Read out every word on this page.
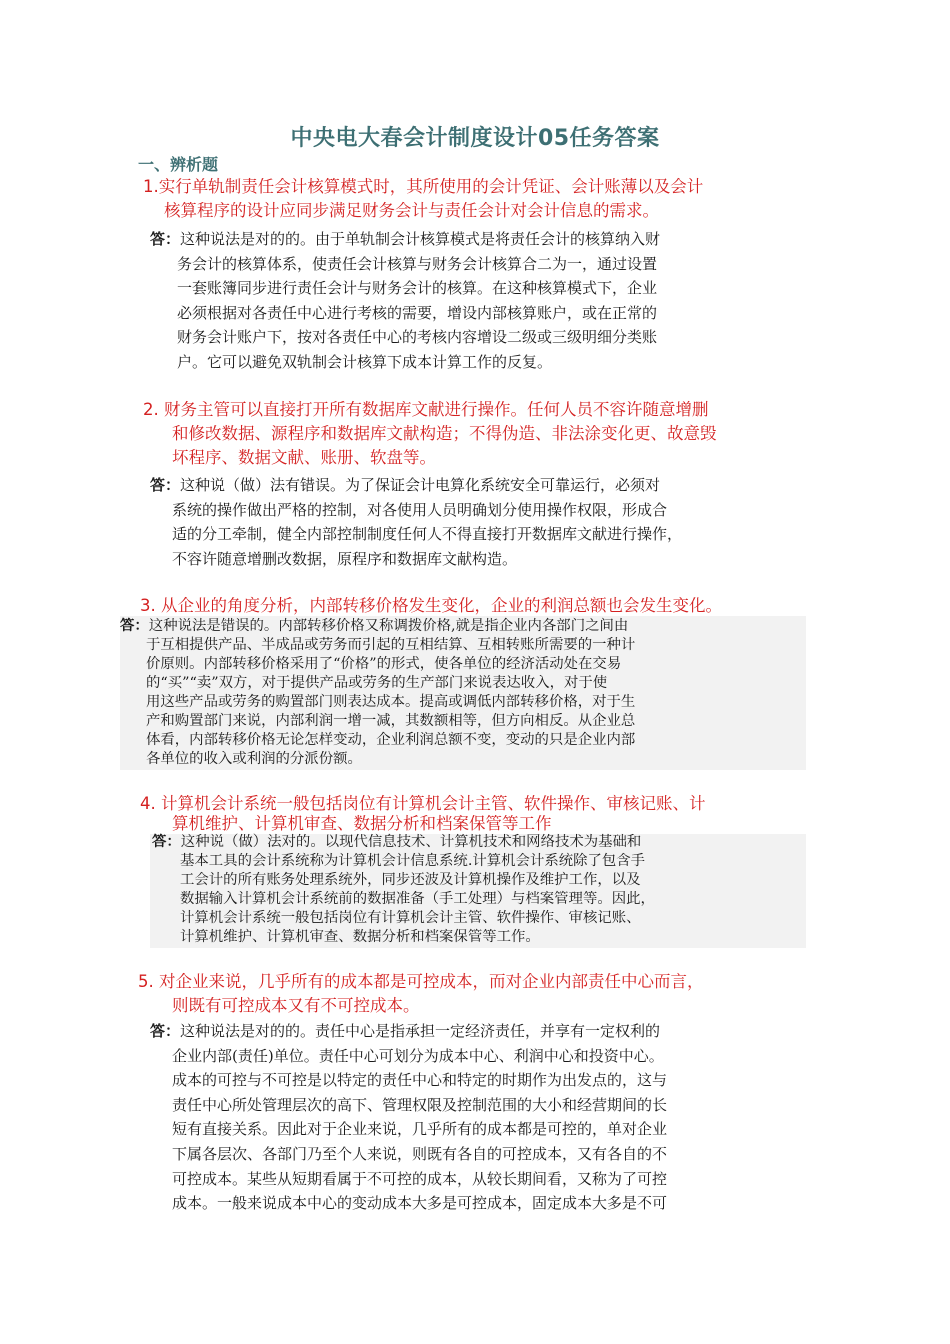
中央电大春会计制度设计05任务答案
一、辨析题
1.实行单轨制责任会计核算模式时，其所使用的会计凭证、会计账薄以及会计
核算程序的设计应同步满足财务会计与责任会计对会计信息的需求。
答：这种说法是对的的。由于单轨制会计核算模式是将责任会计的核算纳入财
务会计的核算体系，使责任会计核算与财务会计核算合二为一，通过设置
一套账簿同步进行责任会计与财务会计的核算。在这种核算模式下，企业
必须根据对各责任中心进行考核的需要，增设内部核算账户，或在正常的
财务会计账户下，按对各责任中心的考核内容增设二级或三级明细分类账
户。它可以避免双轨制会计核算下成本计算工作的反复。
2. 财务主管可以直接打开所有数据库文献进行操作。任何人员不容许随意增删
和修改数据、源程序和数据库文献构造；不得伪造、非法涂变化更、故意毁
坏程序、数据文献、账册、软盘等。
答：这种说（做）法有错误。为了保证会计电算化系统安全可靠运行，必须对
系统的操作做出严格的控制，对各使用人员明确划分使用操作权限，形成合
适的分工牵制，健全内部控制制度任何人不得直接打开数据库文献进行操作，
不容许随意增删改数据，原程序和数据库文献构造。
3. 从企业的角度分析，内部转移价格发生变化，企业的利润总额也会发生变化。
答：这种说法是错误的。内部转移价格又称调拨价格,就是指企业内各部门之间由
于互相提供产品、半成品或劳务而引起的互相结算、互相转账所需要的一种计
价原则。内部转移价格采用了“价格”的形式，使各单位的经济活动处在交易
的“买”“卖”双方，对于提供产品或劳务的生产部门来说表达收入，对于使
用这些产品或劳务的购置部门则表达成本。提高或调低内部转移价格，对于生
产和购置部门来说，内部利润一增一减，其数额相等，但方向相反。从企业总
体看，内部转移价格无论怎样变动，企业利润总额不变，变动的只是企业内部
各单位的收入或利润的分派份额。
4. 计算机会计系统一般包括岗位有计算机会计主管、软件操作、审核记账、计
算机维护、计算机审查、数据分析和档案保管等工作
答：这种说（做）法对的。以现代信息技术、计算机技术和网络技术为基础和
基本工具的会计系统称为计算机会计信息系统.计算机会计系统除了包含手
工会计的所有账务处理系统外，同步还波及计算机操作及维护工作，以及
数据输入计算机会计系统前的数据准备（手工处理）与档案管理等。因此，
计算机会计系统一般包括岗位有计算机会计主管、软件操作、审核记账、
计算机维护、计算机审查、数据分析和档案保管等工作。
5. 对企业来说，几乎所有的成本都是可控成本，而对企业内部责任中心而言，
则既有可控成本又有不可控成本。
答：这种说法是对的的。责任中心是指承担一定经济责任，并享有一定权利的
企业内部(责任)单位。责任中心可划分为成本中心、利润中心和投资中心。
成本的可控与不可控是以特定的责任中心和特定的时期作为出发点的，这与
责任中心所处管理层次的高下、管理权限及控制范围的大小和经营期间的长
短有直接关系。因此对于企业来说，几乎所有的成本都是可控的，单对企业
下属各层次、各部门乃至个人来说，则既有各自的可控成本，又有各自的不
可控成本。某些从短期看属于不可控的成本，从较长期间看，又称为了可控
成本。一般来说成本中心的变动成本大多是可控成本，固定成本大多是不可
